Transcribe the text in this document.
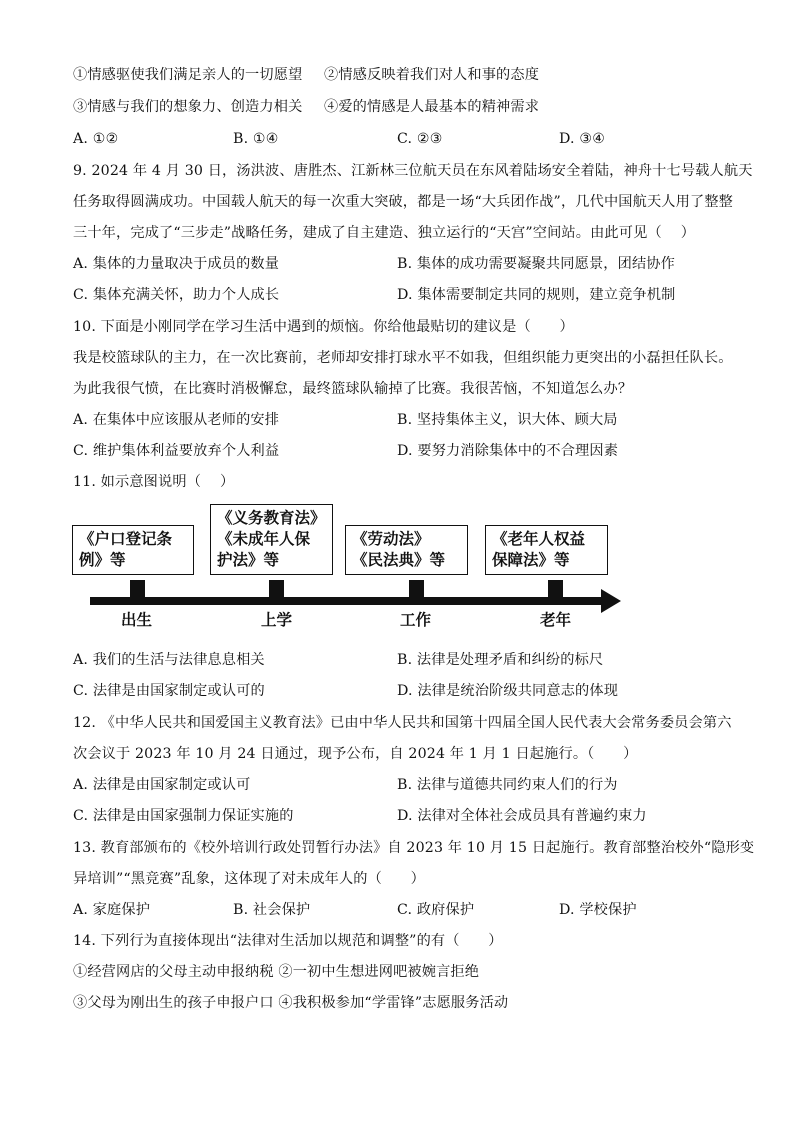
①情感驱使我们满足亲人的一切愿望 ②情感反映着我们对人和事的态度
③情感与我们的想象力、创造力相关 ④爱的情感是人最基本的精神需求
A. ①②	B. ①④	C. ②③	D. ③④
9. 2024 年 4 月 30 日，汤洪波、唐胜杰、江新林三位航天员在东风着陆场安全着陆，神舟十七号载人航天
任务取得圆满成功。中国载人航天的每一次重大突破，都是一场“大兵团作战”，几代中国航天人用了整整
三十年，完成了“三步走”战略任务，建成了自主建造、独立运行的“天宫”空间站。由此可见（　 ）
A. 集体的力量取决于成员的数量	B. 集体的成功需要凝聚共同愿景，团结协作
C. 集体充满关怀，助力个人成长	D. 集体需要制定共同的规则，建立竞争机制
10. 下面是小刚同学在学习生活中遇到的烦恼。你给他最贴切的建议是（　　）
我是校篮球队的主力，在一次比赛前，老师却安排打球水平不如我，但组织能力更突出的小磊担任队长。
为此我很气愤，在比赛时消极懈怠，最终篮球队输掉了比赛。我很苦恼，不知道怎么办？
A. 在集体中应该服从老师的安排	B. 坚持集体主义，识大体、顾大局
C. 维护集体利益要放弃个人利益	D. 要努力消除集体中的不合理因素
11. 如示意图说明（　 ）
《户口登记条
例》等
《义务教育法》
《未成年人保
护法》等
《劳动法》
《民法典》等
《老年人权益
保障法》等
出生	上学	工作	老年
A. 我们的生活与法律息息相关	B. 法律是处理矛盾和纠纷的标尺
C. 法律是由国家制定或认可的	D. 法律是统治阶级共同意志的体现
12. 《中华人民共和国爱国主义教育法》已由中华人民共和国第十四届全国人民代表大会常务委员会第六
次会议于 2023 年 10 月 24 日通过，现予公布，自 2024 年 1 月 1 日起施行。（　　）
A. 法律是由国家制定或认可	B. 法律与道德共同约束人们的行为
C. 法律是由国家强制力保证实施的	D. 法律对全体社会成员具有普遍约束力
13. 教育部颁布的《校外培训行政处罚暂行办法》自 2023 年 10 月 15 日起施行。教育部整治校外“隐形变
异培训”“黑竞赛”乱象，这体现了对未成年人的（　　）
A. 家庭保护	B. 社会保护	C. 政府保护	D. 学校保护
14. 下列行为直接体现出“法律对生活加以规范和调整”的有（　　）
①经营网店的父母主动申报纳税 ②一初中生想进网吧被婉言拒绝
③父母为刚出生的孩子申报户口 ④我积极参加“学雷锋”志愿服务活动
